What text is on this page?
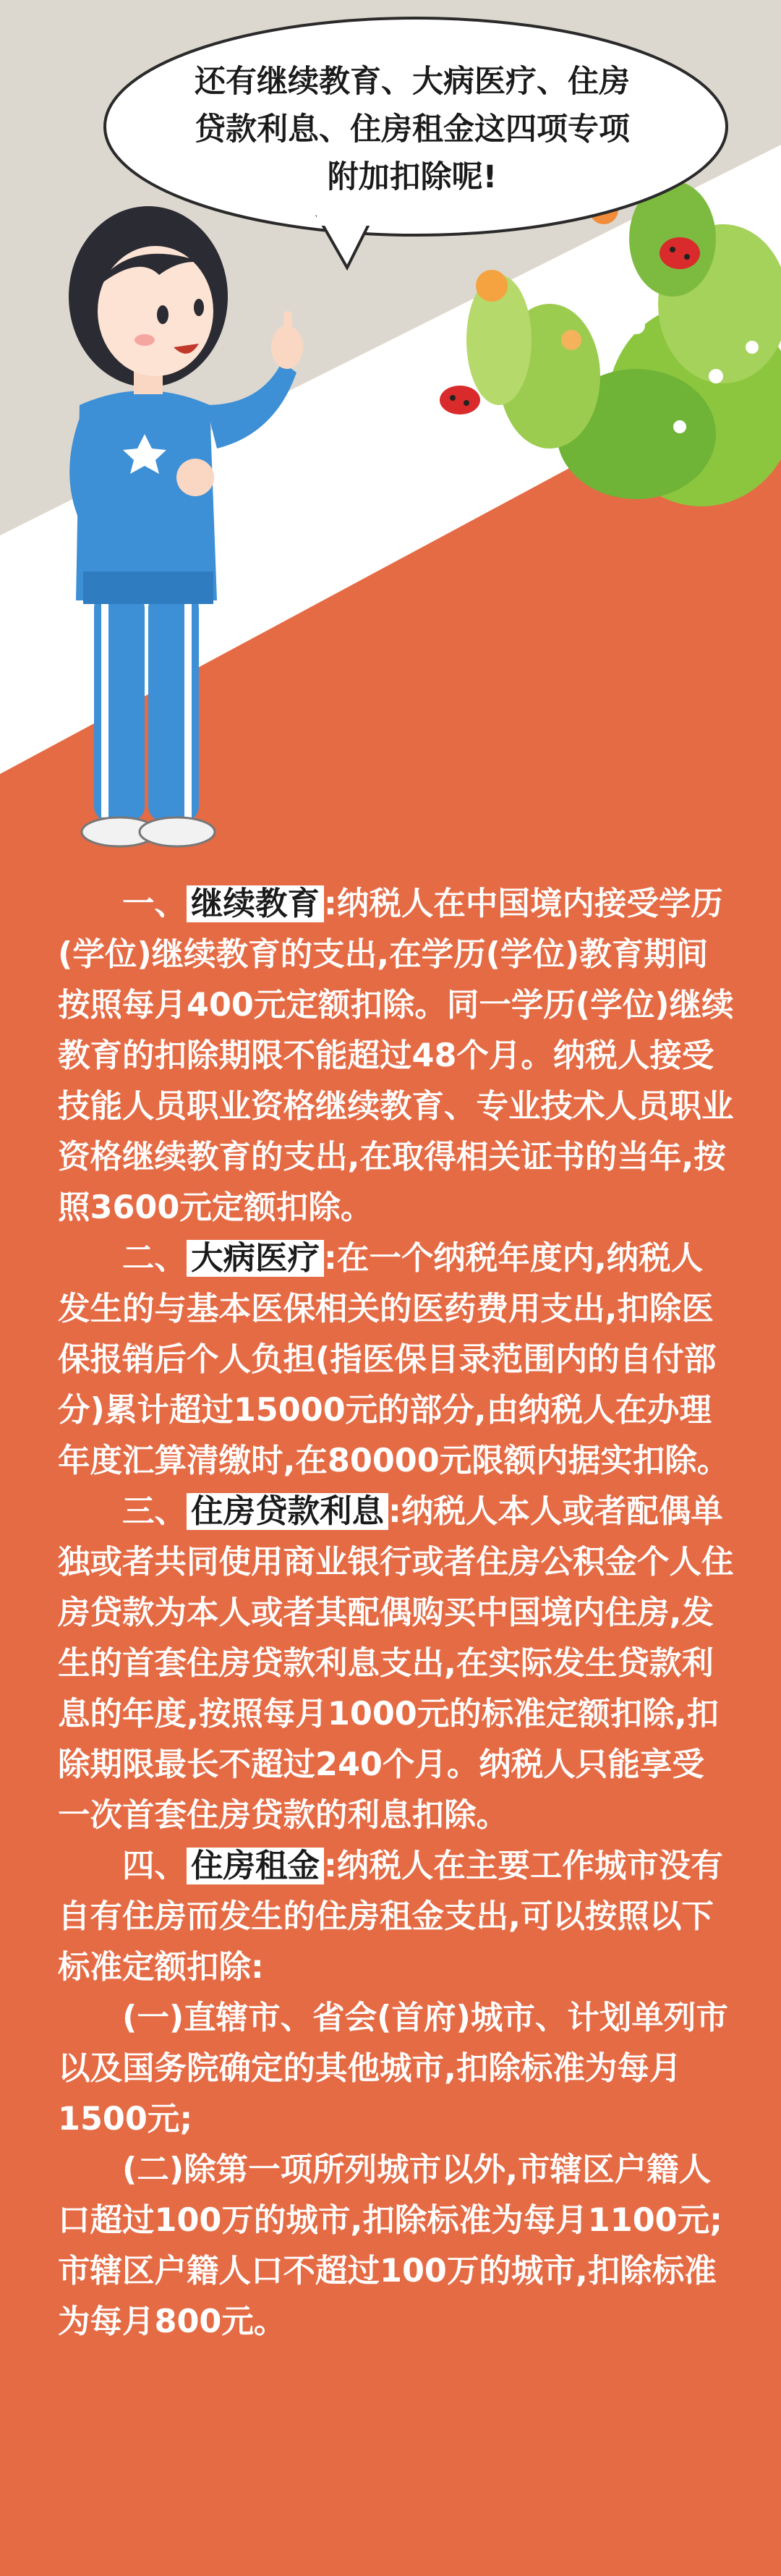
还有继续教育、大病医疗、住房
贷款利息、住房租金这四项专项
附加扣除呢!

一、 继续教育 :纳税人在中国境内接受学历(学位)继续教育的支出,在学历(学位)教育期间按照每月400元定额扣除。同一学历(学位)继续教育的扣除期限不能超过48个月。纳税人接受技能人员职业资格继续教育、专业技术人员职业资格继续教育的支出,在取得相关证书的当年,按照3600元定额扣除。

二、 大病医疗 :在一个纳税年度内,纳税人发生的与基本医保相关的医药费用支出,扣除医保报销后个人负担(指医保目录范围内的自付部分)累计超过15000元的部分,由纳税人在办理年度汇算清缴时,在80000元限额内据实扣除。

三、 住房贷款利息 :纳税人本人或者配偶单独或者共同使用商业银行或者住房公积金个人住房贷款为本人或者其配偶购买中国境内住房,发生的首套住房贷款利息支出,在实际发生贷款利息的年度,按照每月1000元的标准定额扣除,扣除期限最长不超过240个月。纳税人只能享受一次首套住房贷款的利息扣除。

四、 住房租金 :纳税人在主要工作城市没有自有住房而发生的住房租金支出,可以按照以下标准定额扣除:

(一)直辖市、省会(首府)城市、计划单列市以及国务院确定的其他城市,扣除标准为每月1500元;

(二)除第一项所列城市以外,市辖区户籍人口超过100万的城市,扣除标准为每月1100元;市辖区户籍人口不超过100万的城市,扣除标准为每月800元。
